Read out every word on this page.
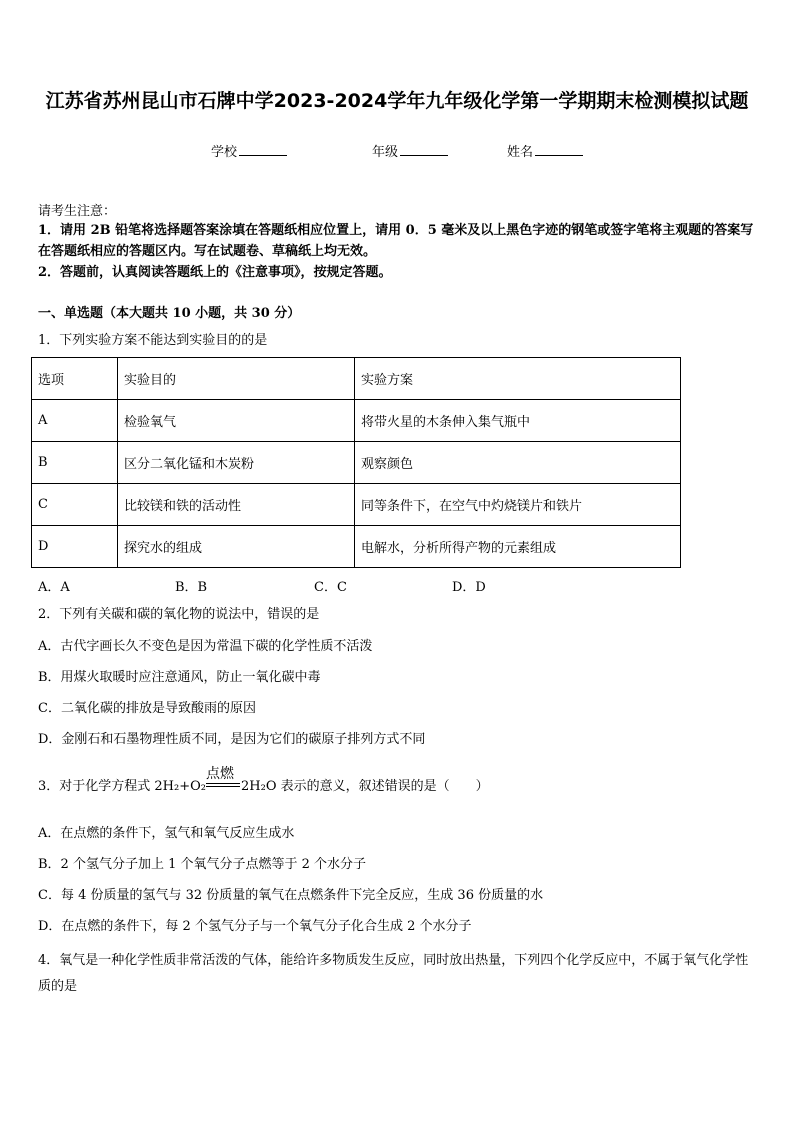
江苏省苏州昆山市石牌中学2023-2024学年九年级化学第一学期期末检测模拟试题
学校	年级	姓名
请考生注意：
1．请用 2B 铅笔将选择题答案涂填在答题纸相应位置上，请用 0．5 毫米及以上黑色字迹的钢笔或签字笔将主观题的答案写在答题纸相应的答题区内。写在试题卷、草稿纸上均无效。
2．答题前，认真阅读答题纸上的《注意事项》，按规定答题。
一、单选题（本大题共 10 小题，共 30 分）
1．下列实验方案不能达到实验目的的是
选项	实验目的	实验方案
A	检验氧气	将带火星的木条伸入集气瓶中
B	区分二氧化锰和木炭粉	观察颜色
C	比较镁和铁的活动性	同等条件下，在空气中灼烧镁片和铁片
D	探究水的组成	电解水，分析所得产物的元素组成
A．A	B．B	C．C	D．D
2．下列有关碳和碳的氧化物的说法中，错误的是
A．古代字画长久不变色是因为常温下碳的化学性质不活泼
B．用煤火取暖时应注意通风，防止一氧化碳中毒
C．二氧化碳的排放是导致酸雨的原因
D．金刚石和石墨物理性质不同，是因为它们的碳原子排列方式不同
3．对于化学方程式 2H₂+O₂
点燃
2H₂O 表示的意义，叙述错误的是（　　）
A．在点燃的条件下，氢气和氧气反应生成水
B．2 个氢气分子加上 1 个氧气分子点燃等于 2 个水分子
C．每 4 份质量的氢气与 32 份质量的氧气在点燃条件下完全反应，生成 36 份质量的水
D．在点燃的条件下，每 2 个氢气分子与一个氧气分子化合生成 2 个水分子
4．氧气是一种化学性质非常活泼的气体，能给许多物质发生反应，同时放出热量，下列四个化学反应中，不属于氧气化学性质的是
